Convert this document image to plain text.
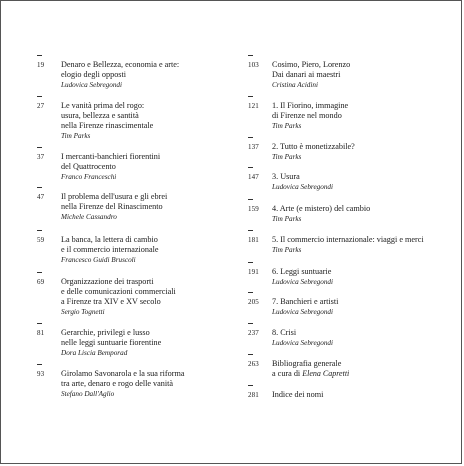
19 Denaro e Bellezza, economia e arte:
elogio degli opposti
Ludovica Sebregondi
27 Le vanità prima del rogo:
usura, bellezza e santità
nella Firenze rinascimentale
Tim Parks
37 I mercanti-banchieri fiorentini
del Quattrocento
Franco Franceschi
47 Il problema dell'usura e gli ebrei
nella Firenze del Rinascimento
Michele Cassandro
59 La banca, la lettera di cambio
e il commercio internazionale
Francesco Guidi Bruscoli
69 Organizzazione dei trasporti
e delle comunicazioni commerciali
a Firenze tra XIV e XV secolo
Sergio Tognetti
81 Gerarchie, privilegi e lusso
nelle leggi suntuarie fiorentine
Dora Liscia Bemporad
93 Girolamo Savonarola e la sua riforma
tra arte, denaro e rogo delle vanità
Stefano Dall'Aglio
103 Cosimo, Piero, Lorenzo
Dai danari ai maestri
Cristina Acidini
121 1. Il Fiorino, immagine
di Firenze nel mondo
Tim Parks
137 2. Tutto è monetizzabile?
Tim Parks
147 3. Usura
Ludovica Sebregondi
159 4. Arte (e mistero) del cambio
Tim Parks
181 5. Il commercio internazionale: viaggi e merci
Tim Parks
191 6. Leggi suntuarie
Ludovica Sebregondi
205 7. Banchieri e artisti
Ludovica Sebregondi
237 8. Crisi
Ludovica Sebregondi
263 Bibliografia generale
a cura di Elena Capretti
281 Indice dei nomi
